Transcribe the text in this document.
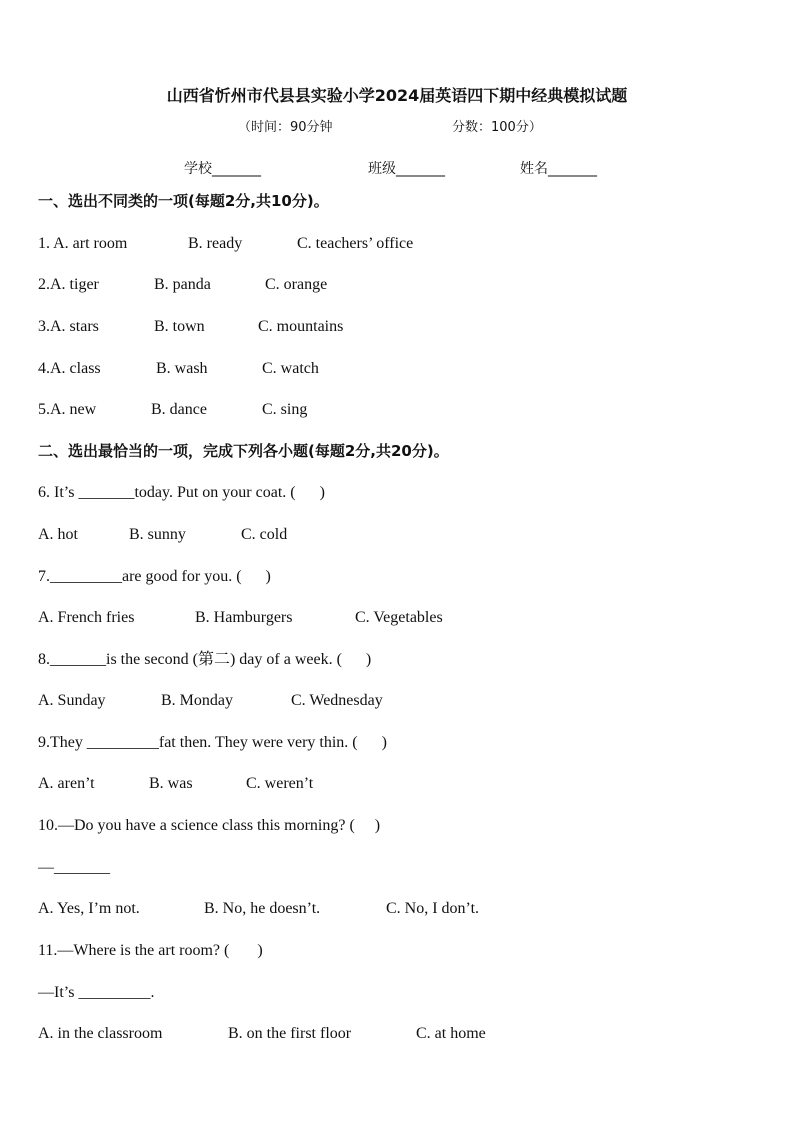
山西省忻州市代县县实验小学2024届英语四下期中经典模拟试题
（时间：90分钟	分数：100分）
学校_______	班级_______	姓名_______
一、选出不同类的一项(每题2分,共10分)。
1. A. art room	B. ready	C. teachers’ office
2.A. tiger	B. panda	C. orange
3.A. stars	B. town	C. mountains
4.A. class	B. wash	C. watch
5.A. new	B. dance	C. sing
二、选出最恰当的一项，完成下列各小题(每题2分,共20分)。
6. It’s _______today. Put on your coat. (      )
A. hot	B. sunny	C. cold
7._________are good for you. (      )
A. French fries	B. Hamburgers	C. Vegetables
8._______is the second (第二) day of a week. (      )
A. Sunday	B. Monday	C. Wednesday
9.They _________fat then. They were very thin. (      )
A. aren’t	B. was	C. weren’t
10.—Do you have a science class this morning? (     )
—_______
A. Yes, I’m not.	B. No, he doesn’t.	C. No, I don’t.
11.—Where is the art room? (       )
—It’s _________.
A. in the classroom	B. on the first floor	C. at home
